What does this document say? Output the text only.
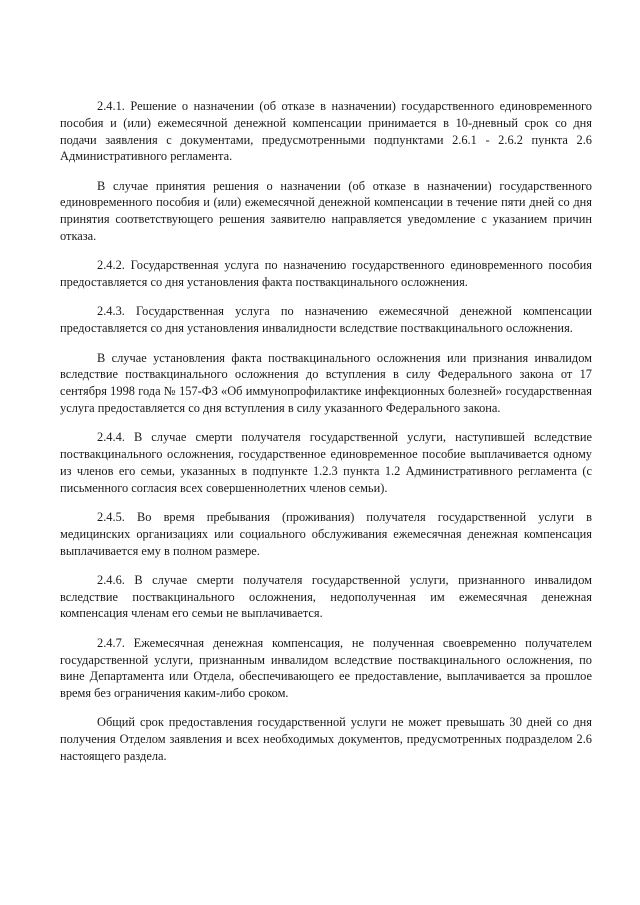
2.4.1. Решение о назначении (об отказе в назначении) государственного единовременного пособия и (или) ежемесячной денежной компенсации принимается в 10-дневный срок со дня подачи заявления с документами, предусмотренными подпунктами 2.6.1 - 2.6.2 пункта 2.6 Административного регламента.

В случае принятия решения о назначении (об отказе в назначении) государственного единовременного пособия и (или) ежемесячной денежной компенсации в течение пяти дней со дня принятия соответствующего решения заявителю направляется уведомление с указанием причин отказа.

2.4.2. Государственная услуга по назначению государственного единовременного пособия предоставляется со дня установления факта поствакцинального осложнения.

2.4.3. Государственная услуга по назначению ежемесячной денежной компенсации предоставляется со дня установления инвалидности вследствие поствакцинального осложнения.

В случае установления факта поствакцинального осложнения или признания инвалидом вследствие поствакцинального осложнения до вступления в силу Федерального закона от 17 сентября 1998 года № 157-ФЗ «Об иммунопрофилактике инфекционных болезней» государственная услуга предоставляется со дня вступления в силу указанного Федерального закона.

2.4.4. В случае смерти получателя государственной услуги, наступившей вследствие поствакцинального осложнения, государственное единовременное пособие выплачивается одному из членов его семьи, указанных в подпункте 1.2.3 пункта 1.2 Административного регламента (с письменного согласия всех совершеннолетних членов семьи).

2.4.5. Во время пребывания (проживания) получателя государственной услуги в медицинских организациях или социального обслуживания ежемесячная денежная компенсация выплачивается ему в полном размере.

2.4.6. В случае смерти получателя государственной услуги, признанного инвалидом вследствие поствакцинального осложнения, недополученная им ежемесячная денежная компенсация членам его семьи не выплачивается.

2.4.7. Ежемесячная денежная компенсация, не полученная своевременно получателем государственной услуги, признанным инвалидом вследствие поствакцинального осложнения, по вине Департамента или Отдела, обеспечивающего ее предоставление, выплачивается за прошлое время без ограничения каким-либо сроком.

Общий срок предоставления государственной услуги не может превышать 30 дней со дня получения Отделом заявления и всех необходимых документов, предусмотренных подразделом 2.6 настоящего раздела.
